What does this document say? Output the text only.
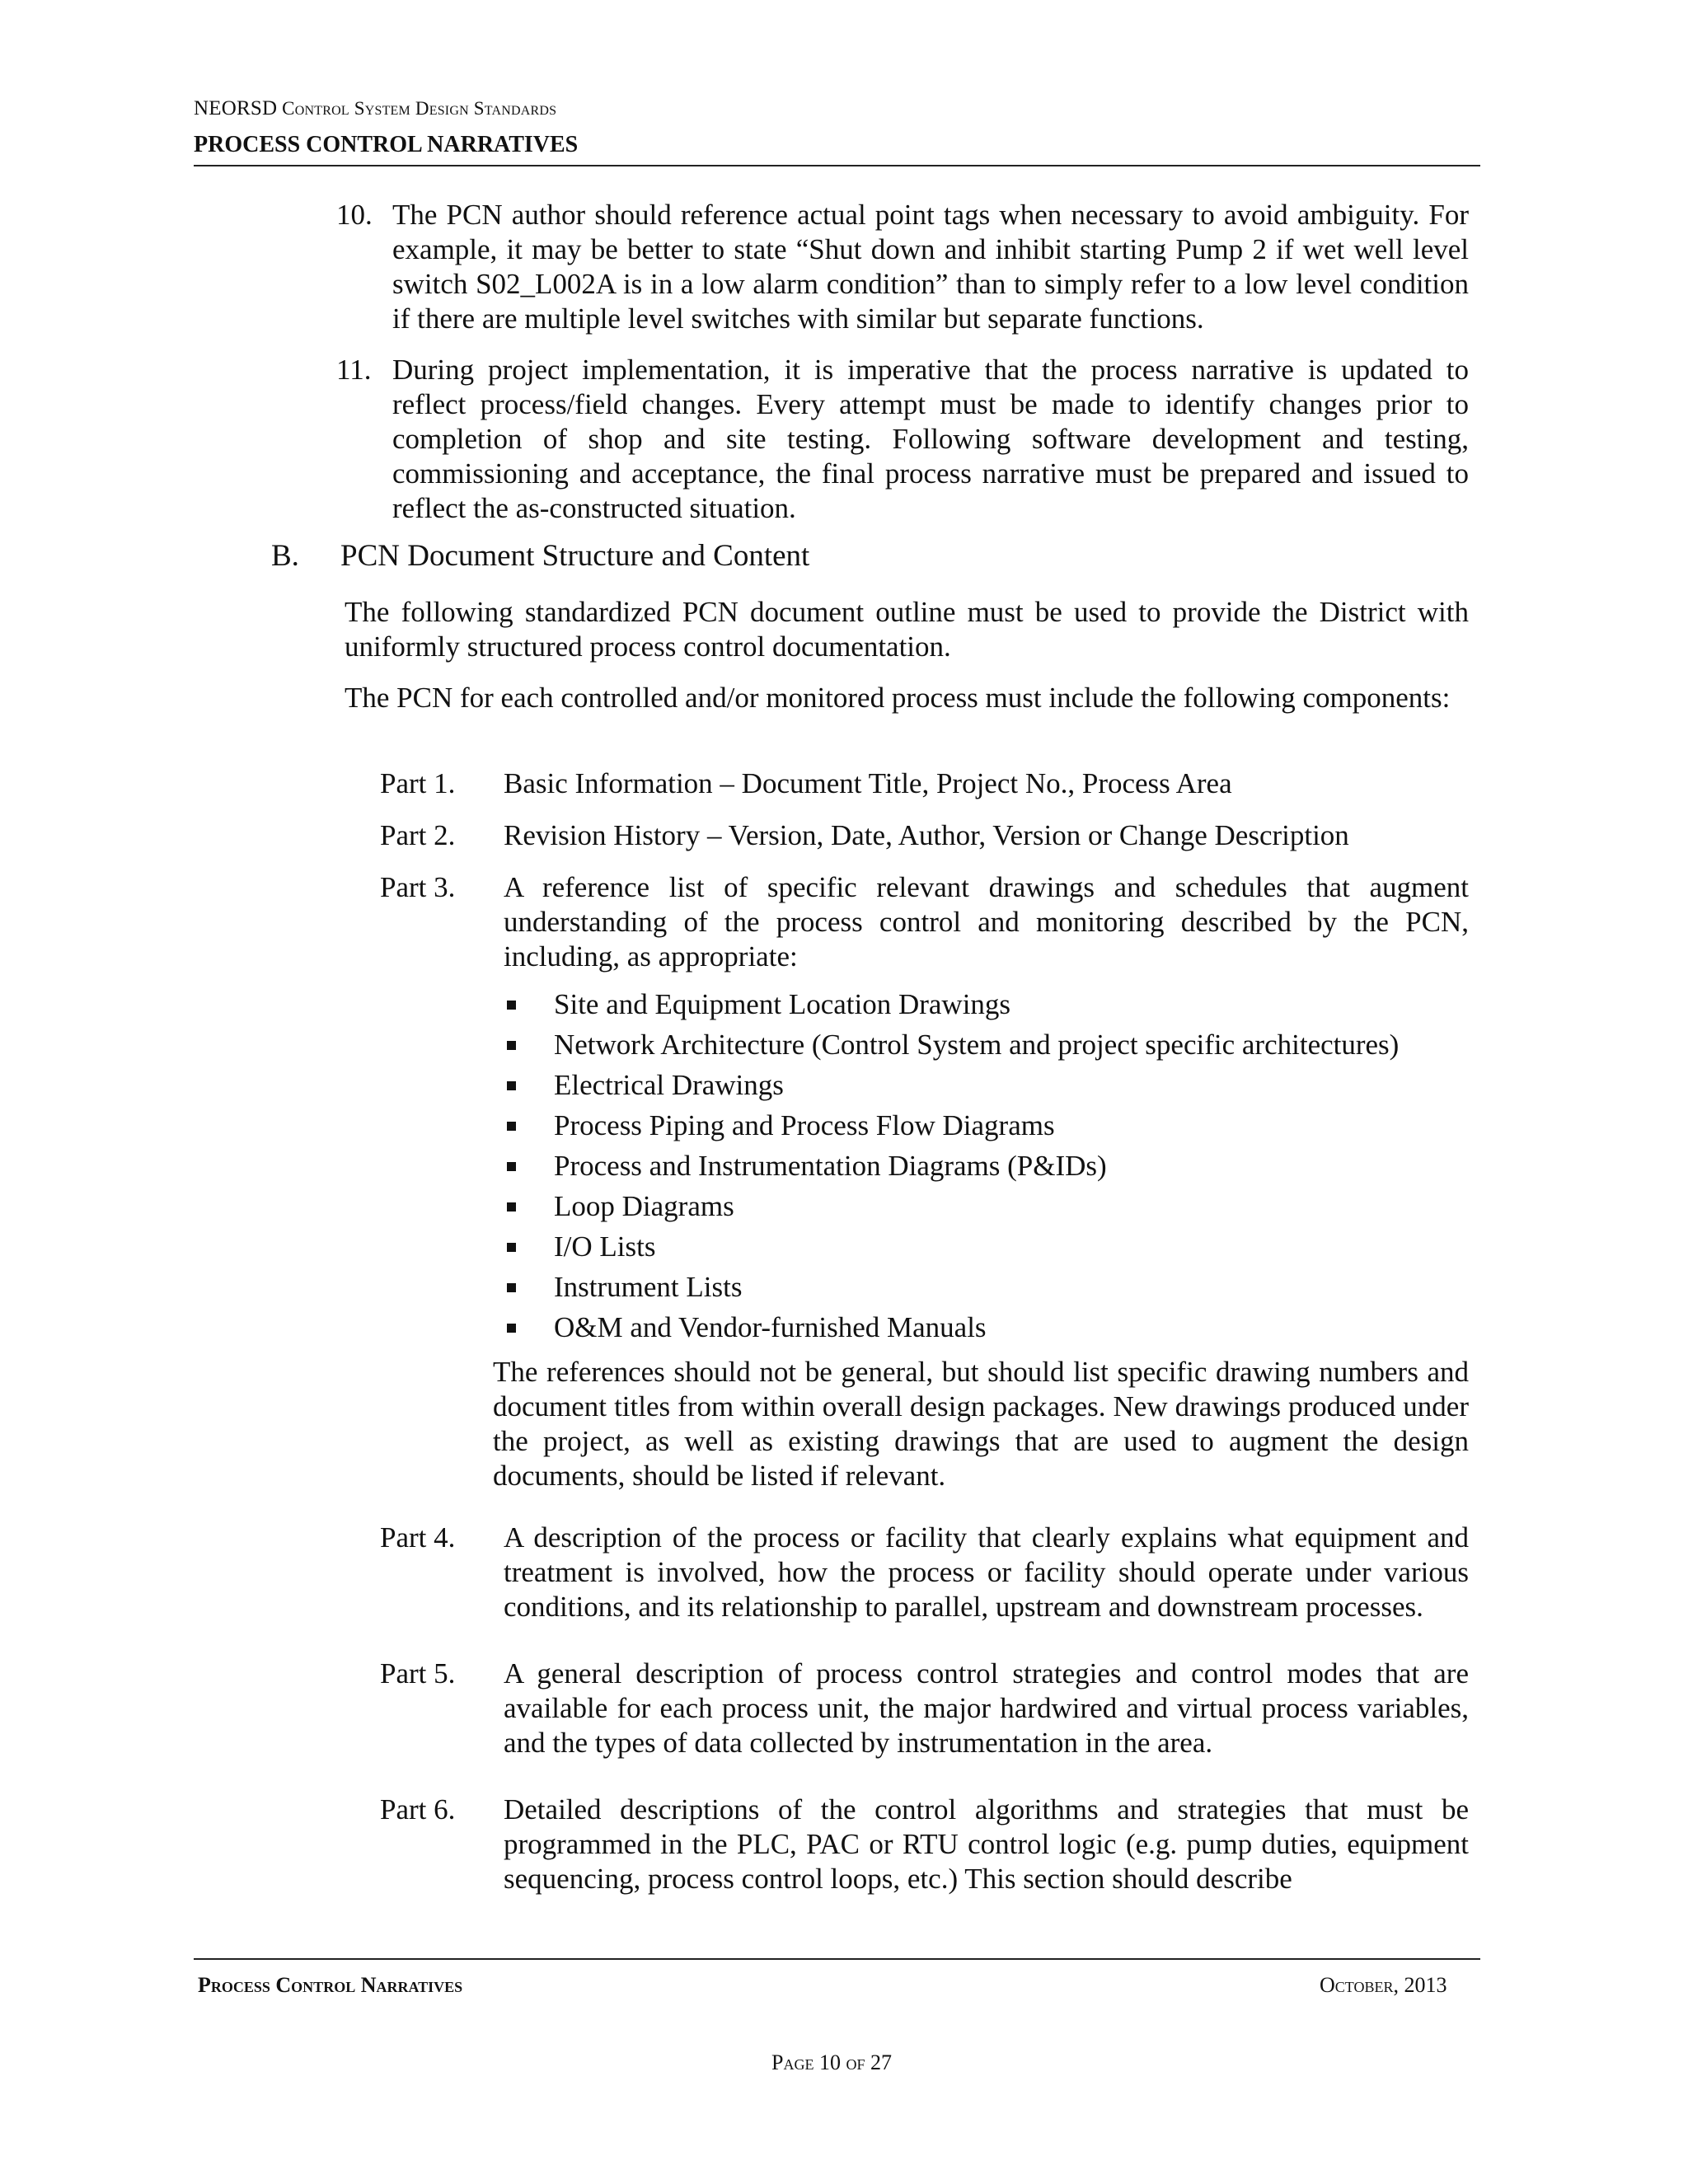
NEORSD Control System Design Standards
PROCESS CONTROL NARRATIVES
10. The PCN author should reference actual point tags when necessary to avoid ambiguity. For example, it may be better to state “Shut down and inhibit starting Pump 2 if wet well level switch S02_L002A is in a low alarm condition” than to simply refer to a low level condition if there are multiple level switches with similar but separate functions.
11. During project implementation, it is imperative that the process narrative is updated to reflect process/field changes. Every attempt must be made to identify changes prior to completion of shop and site testing. Following software development and testing, commissioning and acceptance, the final process narrative must be prepared and issued to reflect the as-constructed situation.
B. PCN Document Structure and Content
The following standardized PCN document outline must be used to provide the District with uniformly structured process control documentation.
The PCN for each controlled and/or monitored process must include the following components:
Part 1. Basic Information – Document Title, Project No., Process Area
Part 2. Revision History – Version, Date, Author, Version or Change Description
Part 3. A reference list of specific relevant drawings and schedules that augment understanding of the process control and monitoring described by the PCN, including, as appropriate:
Site and Equipment Location Drawings
Network Architecture (Control System and project specific architectures)
Electrical Drawings
Process Piping and Process Flow Diagrams
Process and Instrumentation Diagrams (P&IDs)
Loop Diagrams
I/O Lists
Instrument Lists
O&M and Vendor-furnished Manuals
The references should not be general, but should list specific drawing numbers and document titles from within overall design packages. New drawings produced under the project, as well as existing drawings that are used to augment the design documents, should be listed if relevant.
Part 4. A description of the process or facility that clearly explains what equipment and treatment is involved, how the process or facility should operate under various conditions, and its relationship to parallel, upstream and downstream processes.
Part 5. A general description of process control strategies and control modes that are available for each process unit, the major hardwired and virtual process variables, and the types of data collected by instrumentation in the area.
Part 6. Detailed descriptions of the control algorithms and strategies that must be programmed in the PLC, PAC or RTU control logic (e.g. pump duties, equipment sequencing, process control loops, etc.) This section should describe
Process Control Narratives	October, 2013
Page 10 of 27
